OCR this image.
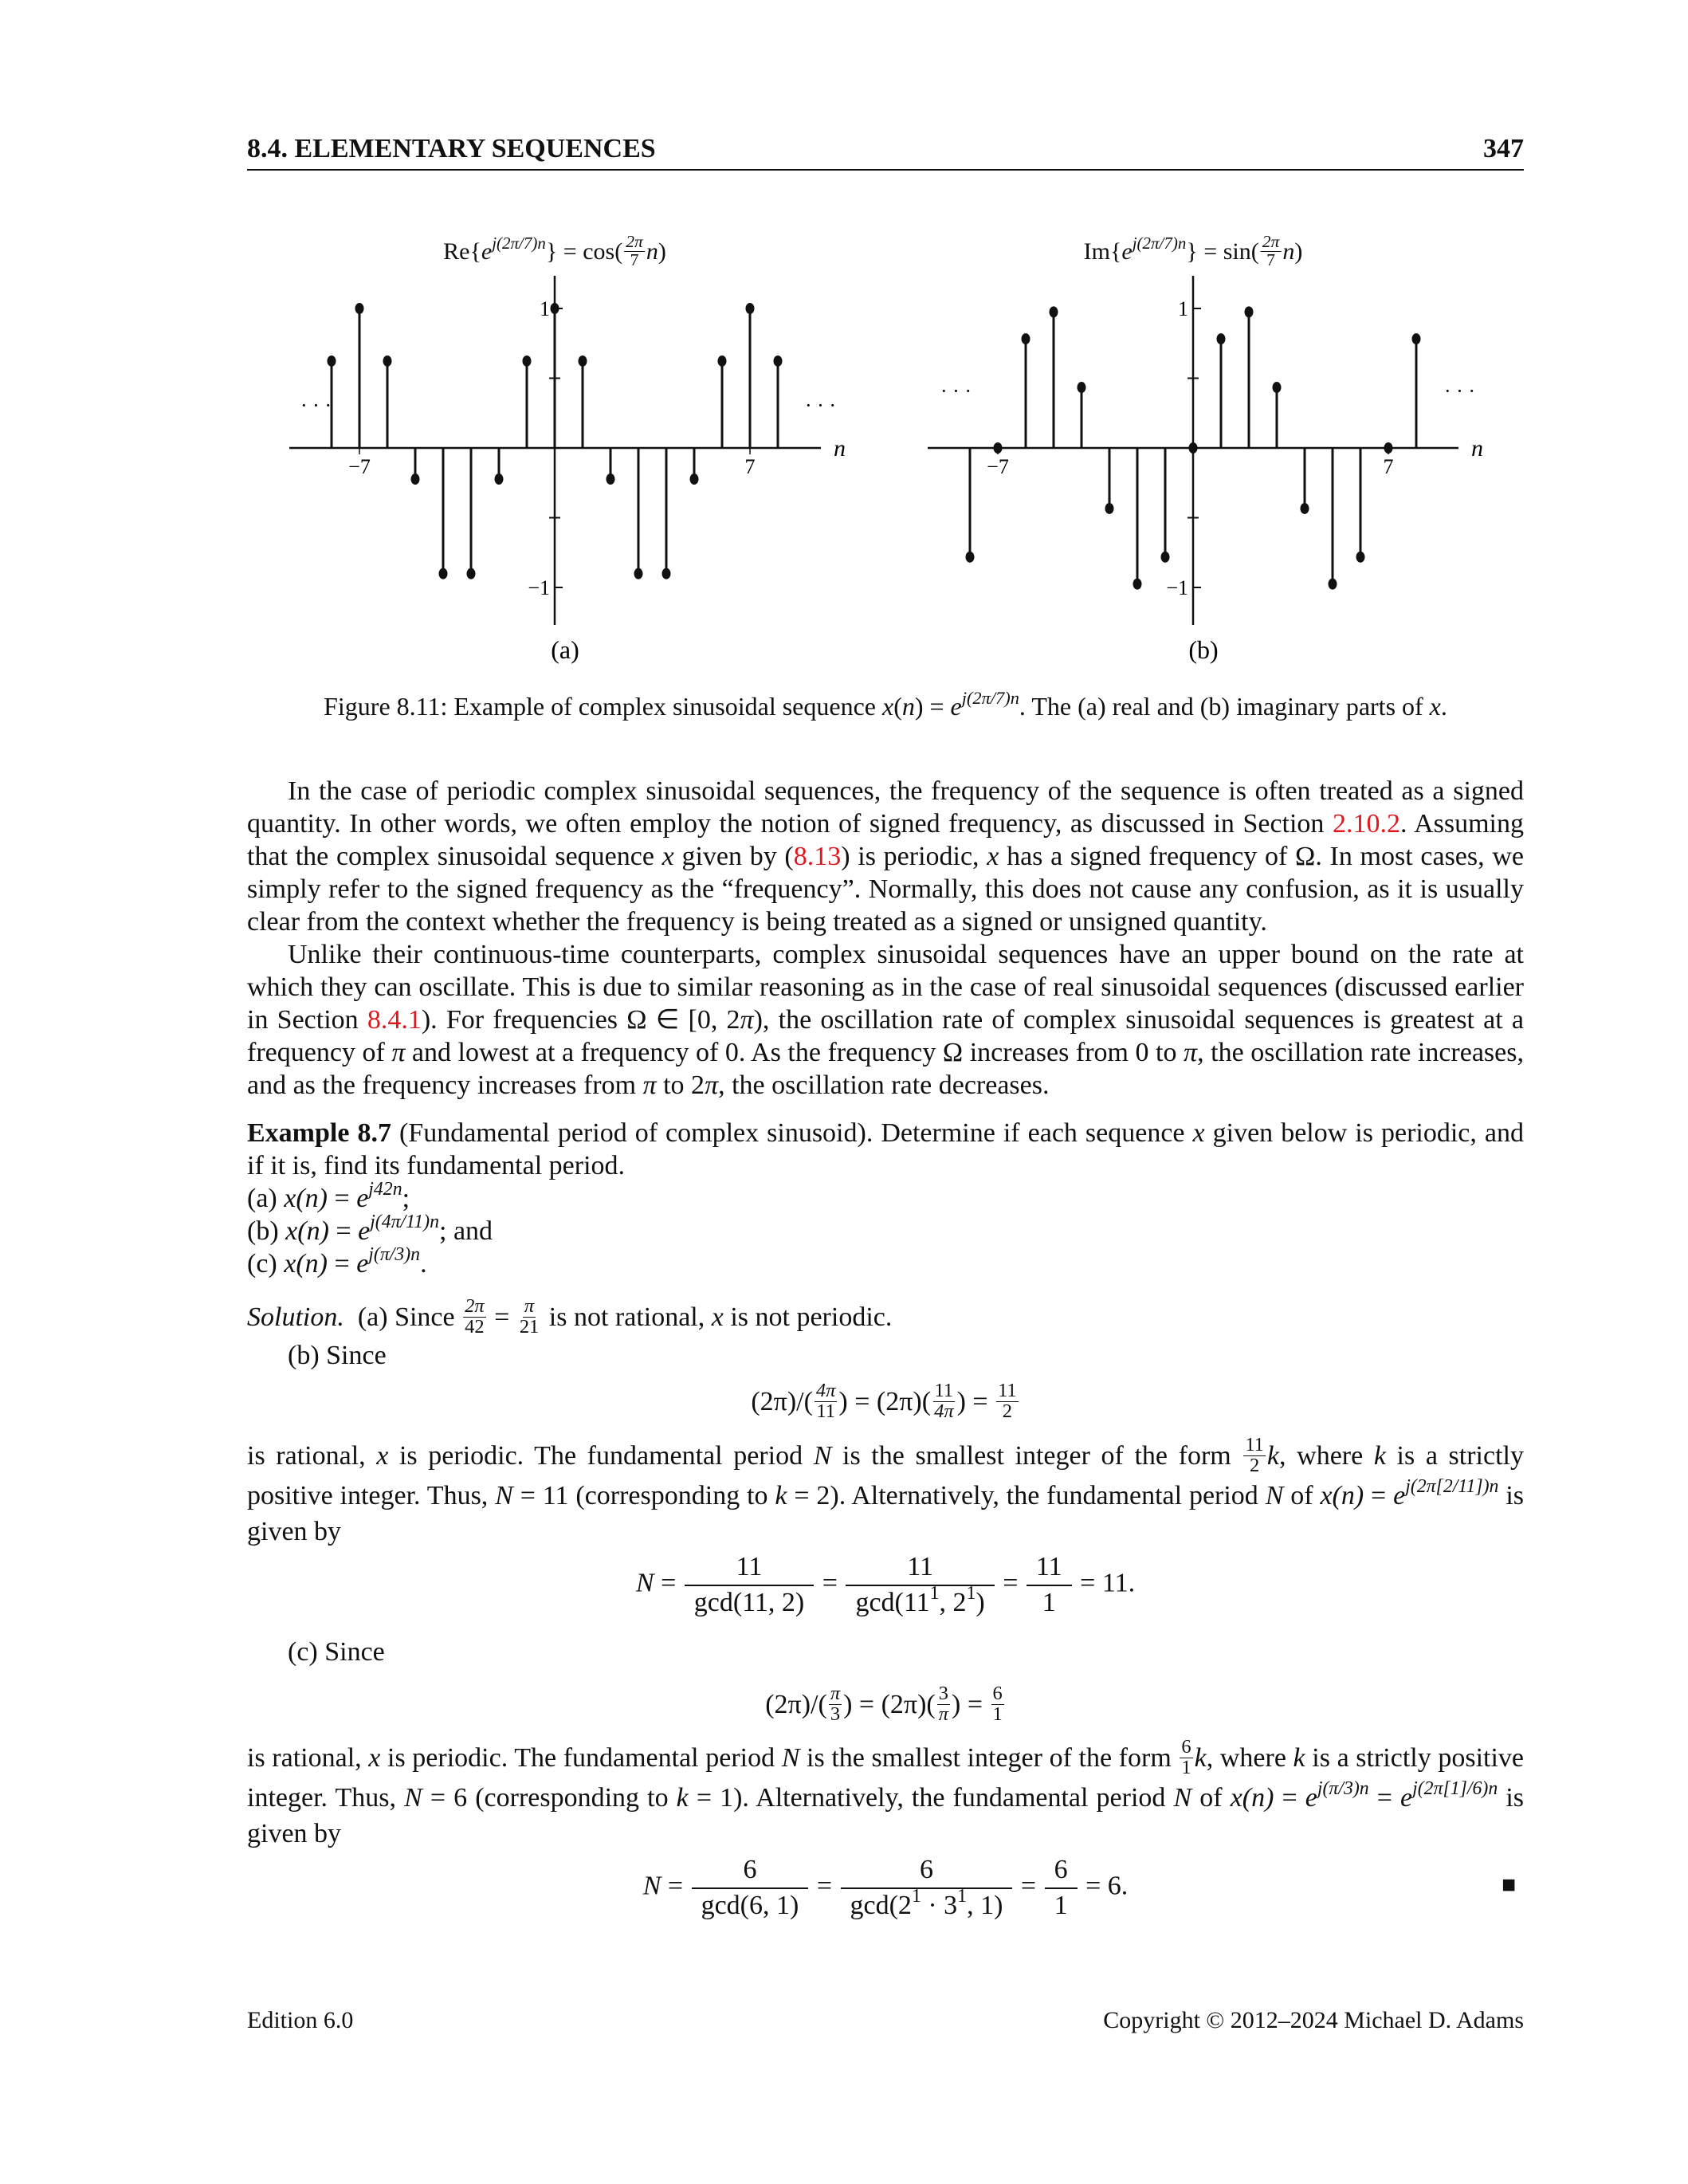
8.4. ELEMENTARY SEQUENCES	347
$Re\{e^{j(2\pi/7)n}\} = \cos( \frac{2\pi}{7} n)$	$Im\{e^{j(2\pi/7)n}\} = \sin( \frac{2\pi}{7} n)$
n
1
−1
−7	7
· · ·	· · ·
(a)
n
1
−1
−7	7
· · ·	· · ·
(b)
Figure 8.11: Example of complex sinusoidal sequence $x(n) = e^{j(2\pi/7)n}$. The (a) real and (b) imaginary parts of x.
In the case of periodic complex sinusoidal sequences, the frequency of the sequence is often treated as a signed quantity. In other words, we often employ the notion of signed frequency, as discussed in Section 2.10.2. Assuming that the complex sinusoidal sequence x given by (8.13) is periodic, x has a signed frequency of Ω. In most cases, we simply refer to the signed frequency as the “frequency”. Normally, this does not cause any confusion, as it is usually clear from the context whether the frequency is being treated as a signed or unsigned quantity.
Unlike their continuous-time counterparts, complex sinusoidal sequences have an upper bound on the rate at which they can oscillate. This is due to similar reasoning as in the case of real sinusoidal sequences (discussed earlier in Section 8.4.1). For frequencies Ω ∈ [0, 2π), the oscillation rate of complex sinusoidal sequences is greatest at a frequency of π and lowest at a frequency of 0. As the frequency Ω increases from 0 to π, the oscillation rate increases, and as the frequency increases from π to 2π, the oscillation rate decreases.
Example 8.7 (Fundamental period of complex sinusoid). Determine if each sequence x given below is periodic, and if it is, find its fundamental period.
(a) $x(n) = e^{j42n}$;
(b) $x(n) = e^{j(4\pi/11)n}$; and
(c) $x(n) = e^{j(\pi/3)n}$.
Solution.  (a) Since $\frac{2\pi}{42} = \frac{\pi}{21}$ is not rational, x is not periodic.
(b) Since
$(2\pi)/( \frac{4\pi}{11}$ ) = $(2\pi)( \frac{11}{4\pi}$ ) = $\frac{11}{2}$
is rational, x is periodic. The fundamental period N is the smallest integer of the form $\frac{11}{2} k$, where k is a strictly positive integer. Thus, N = 11 (corresponding to k = 2). Alternatively, the fundamental period N of $x(n) = e^{j(2\pi[2/11])n}$ is given by
$N = \frac{11}{\gcd(11, 2)} = \frac{11}{\gcd(11^1, 2^1)} = \frac{11}{1} = 11$.
(c) Since
$(2\pi)/( \frac{\pi}{3}$ ) = $(2\pi)( \frac{3}{\pi}$ ) = $\frac{6}{1}$
is rational, x is periodic. The fundamental period N is the smallest integer of the form $\frac{6}{1} k$, where k is a strictly positive integer. Thus, N = 6 (corresponding to k = 1). Alternatively, the fundamental period N of $x(n) = e^{j(\pi/3)n} = e^{j(2\pi[1]/6)n}$ is given by
$N = \frac{6}{\gcd(6, 1)} = \frac{6}{\gcd(2^1 \cdot 3^1, 1)} = \frac{6}{1} = 6$.	■
Edition 6.0	Copyright © 2012–2024 Michael D. Adams
